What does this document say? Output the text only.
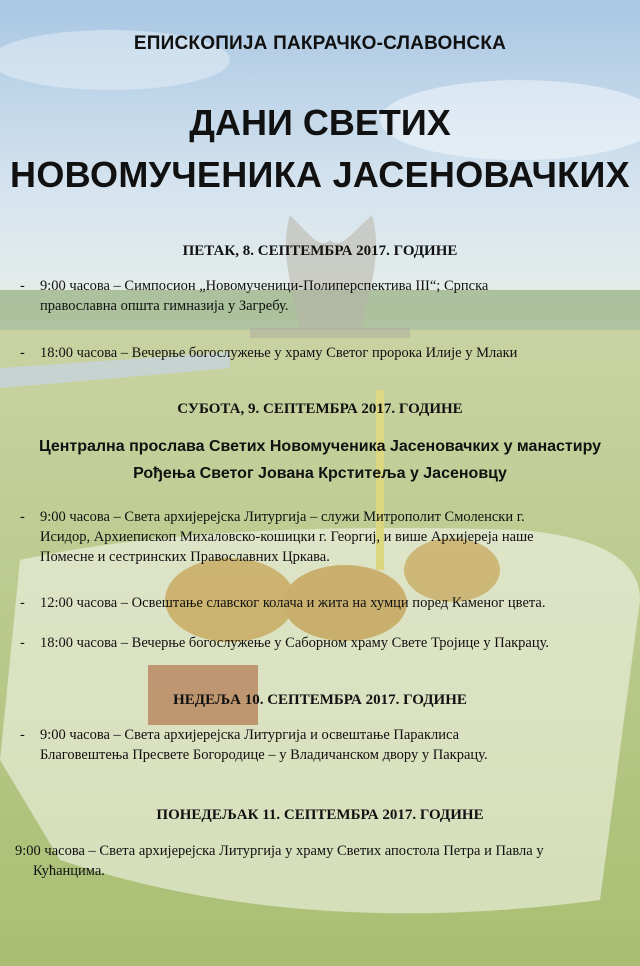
ЕПИСКОПИЈА ПАКРАЧКО-СЛАВОНСКА
ДАНИ СВЕТИХ
НОВОМУЧЕНИКА ЈАСЕНОВАЧКИХ
ПЕТАК, 8. СЕПТЕМБРА 2017. ГОДИНЕ
- 9:00 часова – Симпосион „Новомученици-Полиперспектива III“; Српска
православна општа гимназија у Загребу.
- 18:00 часова – Вечерње богослужење у храму Светог пророка Илије у Млаки
СУБОТА, 9. СЕПТЕМБРА 2017. ГОДИНЕ
Централна прослава Светих Новомученика Јасеновачких у манастиру
Рођења Светог Јована Крститеља у Јасеновцу
- 9:00 часова – Света архијерејска Литургија – служи Митрополит Смоленски г.
Исидор, Архиепископ Михаловско-кошицки г. Георгиј, и више Архијереја наше
Помесне и сестринских Православних Цркава.
- 12:00 часова – Освештање славског колача и жита на хумци поред Каменог цвета.
- 18:00 часова – Вечерње богослужење у Саборном храму Свете Тројице у Пакрацу.
НЕДЕЉА 10. СЕПТЕМБРА 2017. ГОДИНЕ
- 9:00 часова – Света архијерејска Литургија и освештање Параклиса
Благовештења Пресвете Богородице – у Владичанском двору у Пакрацу.
ПОНЕДЕЉАК 11. СЕПТЕМБРА 2017. ГОДИНЕ
9:00 часова – Света архијерејска Литургија у храму Светих апостола Петра и Павла у
Кућанцима.
